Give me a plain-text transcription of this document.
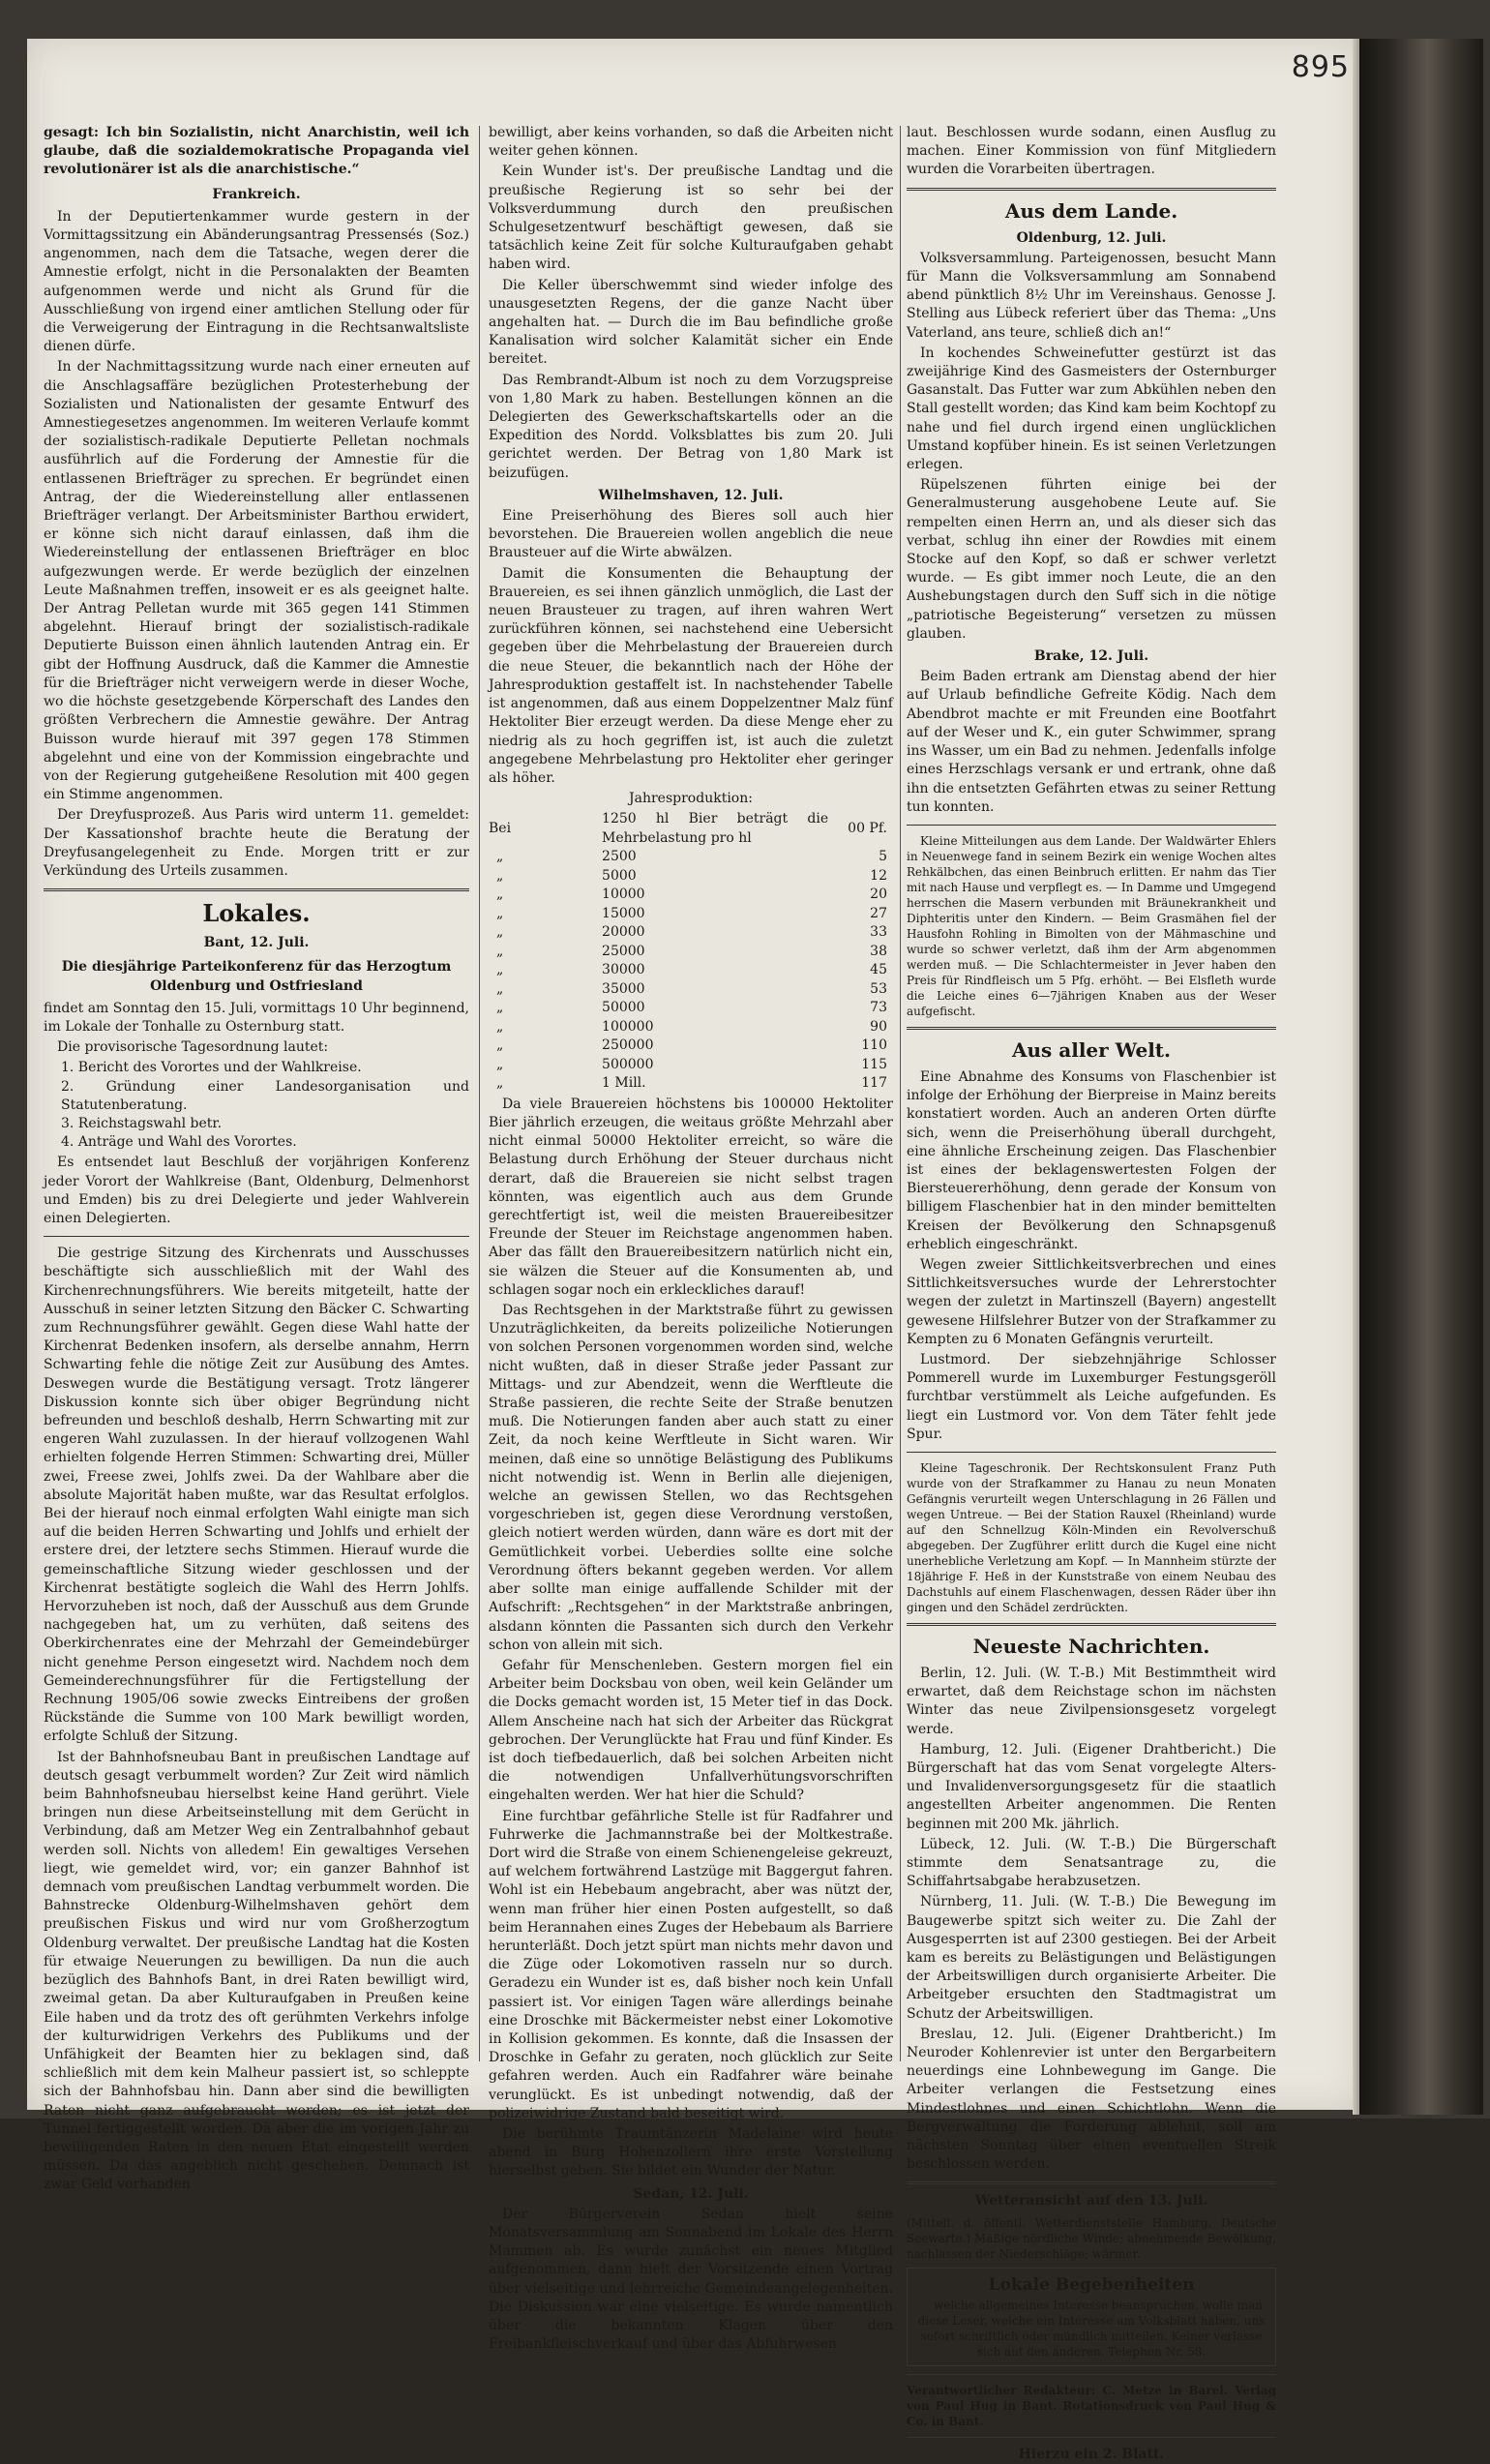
895

gesagt: Ich bin Sozialistin, nicht Anarchistin, weil ich glaube, daß die sozialdemokratische Propaganda viel revolutionärer ist als die anarchistische.“

Frankreich.

In der Deputiertenkammer wurde gestern in der Vormittagssitzung ein Abänderungsantrag Pressensés (Soz.) angenommen, nach dem die Tatsache, wegen derer die Amnestie erfolgt, nicht in die Personalakten der Beamten aufgenommen werde und nicht als Grund für die Ausschließung von irgend einer amtlichen Stellung oder für die Verweigerung der Eintragung in die Rechtsanwaltsliste dienen dürfe.

In der Nachmittagssitzung wurde nach einer erneuten auf die Anschlagsaffäre bezüglichen Protesterhebung der Sozialisten und Nationalisten der gesamte Entwurf des Amnestiegesetzes angenommen. Im weiteren Verlaufe kommt der sozialistisch-radikale Deputierte Pelletan nochmals ausführlich auf die Forderung der Amnestie für die entlassenen Briefträger zu sprechen. Er begründet einen Antrag, der die Wiedereinstellung aller entlassenen Briefträger verlangt. Der Arbeitsminister Barthou erwidert, er könne sich nicht darauf einlassen, daß ihm die Wiedereinstellung der entlassenen Briefträger en bloc aufgezwungen werde. Er werde bezüglich der einzelnen Leute Maßnahmen treffen, insoweit er es als geeignet halte. Der Antrag Pelletan wurde mit 365 gegen 141 Stimmen abgelehnt. Hierauf bringt der sozialistisch-radikale Deputierte Buisson einen ähnlich lautenden Antrag ein. Er gibt der Hoffnung Ausdruck, daß die Kammer die Amnestie für die Briefträger nicht verweigern werde in dieser Woche, wo die höchste gesetzgebende Körperschaft des Landes den größten Verbrechern die Amnestie gewähre. Der Antrag Buisson wurde hierauf mit 397 gegen 178 Stimmen abgelehnt und eine von der Kommission eingebrachte und von der Regierung gutgeheißene Resolution mit 400 gegen ein Stimme angenommen.

Der Dreyfusprozeß. Aus Paris wird unterm 11. gemeldet: Der Kassationshof brachte heute die Beratung der Dreyfusangelegenheit zu Ende. Morgen tritt er zur Verkündung des Urteils zusammen.

Lokales.
Bant, 12. Juli.
Die diesjährige Parteikonferenz für das Herzogtum Oldenburg und Ostfriesland

findet am Sonntag den 15. Juli, vormittags 10 Uhr beginnend, im Lokale der Tonhalle zu Osternburg statt.

Die provisorische Tagesordnung lautet:

1. Bericht des Vorortes und der Wahlkreise.
2. Gründung einer Landesorganisation und Statutenberatung.
3. Reichstagswahl betr.
4. Anträge und Wahl des Vorortes.

Es entsendet laut Beschluß der vorjährigen Konferenz jeder Vorort der Wahlkreise (Bant, Oldenburg, Delmenhorst und Emden) bis zu drei Delegierte und jeder Wahlverein einen Delegierten.

Die gestrige Sitzung des Kirchenrats und Ausschusses beschäftigte sich ausschließlich mit der Wahl des Kirchenrechnungsführers. Wie bereits mitgeteilt, hatte der Ausschuß in seiner letzten Sitzung den Bäcker C. Schwarting zum Rechnungsführer gewählt. Gegen diese Wahl hatte der Kirchenrat Bedenken insofern, als derselbe annahm, Herrn Schwarting fehle die nötige Zeit zur Ausübung des Amtes. Deswegen wurde die Bestätigung versagt. Trotz längerer Diskussion konnte sich über obiger Begründung nicht befreunden und beschloß deshalb, Herrn Schwarting mit zur engeren Wahl zuzulassen. In der hierauf vollzogenen Wahl erhielten folgende Herren Stimmen: Schwarting drei, Müller zwei, Freese zwei, Johlfs zwei. Da der Wahlbare aber die absolute Majorität haben mußte, war das Resultat erfolglos. Bei der hierauf noch einmal erfolgten Wahl einigte man sich auf die beiden Herren Schwarting und Johlfs und erhielt der erstere drei, der letztere sechs Stimmen. Hierauf wurde die gemeinschaftliche Sitzung wieder geschlossen und der Kirchenrat bestätigte sogleich die Wahl des Herrn Johlfs. Hervorzuheben ist noch, daß der Ausschuß aus dem Grunde nachgegeben hat, um zu verhüten, daß seitens des Oberkirchenrates eine der Mehrzahl der Gemeindebürger nicht genehme Person eingesetzt wird. Nachdem noch dem Gemeinderechnungsführer für die Fertigstellung der Rechnung 1905/06 sowie zwecks Eintreibens der großen Rückstände die Summe von 100 Mark bewilligt worden, erfolgte Schluß der Sitzung.

Ist der Bahnhofsneubau Bant in preußischen Landtage auf deutsch gesagt verbummelt worden? Zur Zeit wird nämlich beim Bahnhofsneubau hierselbst keine Hand gerührt. Viele bringen nun diese Arbeitseinstellung mit dem Gerücht in Verbindung, daß am Metzer Weg ein Zentralbahnhof gebaut werden soll. Nichts von alledem! Ein gewaltiges Versehen liegt, wie gemeldet wird, vor; ein ganzer Bahnhof ist demnach vom preußischen Landtag verbummelt worden. Die Bahnstrecke Oldenburg-Wilhelmshaven gehört dem preußischen Fiskus und wird nur vom Großherzogtum Oldenburg verwaltet. Der preußische Landtag hat die Kosten für etwaige Neuerungen zu bewilligen. Da nun die auch bezüglich des Bahnhofs Bant, in drei Raten bewilligt wird, zweimal getan. Da aber Kulturaufgaben in Preußen keine Eile haben und da trotz des oft gerühmten Verkehrs infolge der kulturwidrigen Verkehrs des Publikums und der Unfähigkeit der Beamten hier zu beklagen sind, daß schließlich mit dem kein Malheur passiert ist, so schleppte sich der Bahnhofsbau hin. Dann aber sind die bewilligten Raten nicht ganz aufgebraucht worden; es ist jetzt der Tunnel fertiggestellt worden. Da aber die im vorigen Jahr zu bewilligenden Raten in den neuen Etat eingestellt werden müssen. Da das angeblich nicht geschehen. Demnach ist zwar Geld vorhanden

bewilligt, aber keins vorhanden, so daß die Arbeiten nicht weiter gehen können.

Kein Wunder ist's. Der preußische Landtag und die preußische Regierung ist so sehr bei der Volksverdummung durch den preußischen Schulgesetzentwurf beschäftigt gewesen, daß sie tatsächlich keine Zeit für solche Kulturaufgaben gehabt haben wird.

Die Keller überschwemmt sind wieder infolge des unausgesetzten Regens, der die ganze Nacht über angehalten hat. — Durch die im Bau befindliche große Kanalisation wird solcher Kalamität sicher ein Ende bereitet.

Das Rembrandt-Album ist noch zu dem Vorzugspreise von 1,80 Mark zu haben. Bestellungen können an die Delegierten des Gewerkschaftskartells oder an die Expedition des Nordd. Volksblattes bis zum 20. Juli gerichtet werden. Der Betrag von 1,80 Mark ist beizufügen.

Wilhelmshaven, 12. Juli.

Eine Preiserhöhung des Bieres soll auch hier bevorstehen. Die Brauereien wollen angeblich die neue Brausteuer auf die Wirte abwälzen.

Damit die Konsumenten die Behauptung der Brauereien, es sei ihnen gänzlich unmöglich, die Last der neuen Brausteuer zu tragen, auf ihren wahren Wert zurückführen können, sei nachstehend eine Uebersicht gegeben über die Mehrbelastung der Brauereien durch die neue Steuer, die bekanntlich nach der Höhe der Jahresproduktion gestaffelt ist. In nachstehender Tabelle ist angenommen, daß aus einem Doppelzentner Malz fünf Hektoliter Bier erzeugt werden. Da diese Menge eher zu niedrig als zu hoch gegriffen ist, ist auch die zuletzt angegebene Mehrbelastung pro Hektoliter eher geringer als höher.

Jahresproduktion:
Bei	1250 hl Bier beträgt die Mehrbelastung pro hl	00 Pf.
„	2500	5
„	5000	12
„	10000	20
„	15000	27
„	20000	33
„	25000	38
„	30000	45
„	35000	53
„	50000	73
„	100000	90
„	250000	110
„	500000	115
„	1 Mill.	117

Da viele Brauereien höchstens bis 100000 Hektoliter Bier jährlich erzeugen, die weitaus größte Mehrzahl aber nicht einmal 50000 Hektoliter erreicht, so wäre die Belastung durch Erhöhung der Steuer durchaus nicht derart, daß die Brauereien sie nicht selbst tragen könnten, was eigentlich auch aus dem Grunde gerechtfertigt ist, weil die meisten Brauereibesitzer Freunde der Steuer im Reichstage angenommen haben. Aber das fällt den Brauereibesitzern natürlich nicht ein, sie wälzen die Steuer auf die Konsumenten ab, und schlagen sogar noch ein erkleckliches darauf!

Das Rechtsgehen in der Marktstraße führt zu gewissen Unzuträglichkeiten, da bereits polizeiliche Notierungen von solchen Personen vorgenommen worden sind, welche nicht wußten, daß in dieser Straße jeder Passant zur Mittags- und zur Abendzeit, wenn die Werftleute die Straße passieren, die rechte Seite der Straße benutzen muß. Die Notierungen fanden aber auch statt zu einer Zeit, da noch keine Werftleute in Sicht waren. Wir meinen, daß eine so unnötige Belästigung des Publikums nicht notwendig ist. Wenn in Berlin alle diejenigen, welche an gewissen Stellen, wo das Rechtsgehen vorgeschrieben ist, gegen diese Verordnung verstoßen, gleich notiert werden würden, dann wäre es dort mit der Gemütlichkeit vorbei. Ueberdies sollte eine solche Verordnung öfters bekannt gegeben werden. Vor allem aber sollte man einige auffallende Schilder mit der Aufschrift: „Rechtsgehen“ in der Marktstraße anbringen, alsdann könnten die Passanten sich durch den Verkehr schon von allein mit sich.

Gefahr für Menschenleben. Gestern morgen fiel ein Arbeiter beim Docksbau von oben, weil kein Geländer um die Docks gemacht worden ist, 15 Meter tief in das Dock. Allem Anscheine nach hat sich der Arbeiter das Rückgrat gebrochen. Der Verunglückte hat Frau und fünf Kinder. Es ist doch tiefbedauerlich, daß bei solchen Arbeiten nicht die notwendigen Unfallverhütungsvorschriften eingehalten werden. Wer hat hier die Schuld?

Eine furchtbar gefährliche Stelle ist für Radfahrer und Fuhrwerke die Jachmannstraße bei der Moltkestraße. Dort wird die Straße von einem Schienengeleise gekreuzt, auf welchem fortwährend Lastzüge mit Baggergut fahren. Wohl ist ein Hebebaum angebracht, aber was nützt der, wenn man früher hier einen Posten aufgestellt, so daß beim Herannahen eines Zuges der Hebebaum als Barriere herunterläßt. Doch jetzt spürt man nichts mehr davon und die Züge oder Lokomotiven rasseln nur so durch. Geradezu ein Wunder ist es, daß bisher noch kein Unfall passiert ist. Vor einigen Tagen wäre allerdings beinahe eine Droschke mit Bäckermeister nebst einer Lokomotive in Kollision gekommen. Es konnte, daß die Insassen der Droschke in Gefahr zu geraten, noch glücklich zur Seite gefahren werden. Auch ein Radfahrer wäre beinahe verunglückt. Es ist unbedingt notwendig, daß der polizeiwidrige Zustand bald beseitigt wird.

Die berühmte Traumtänzerin Madelaine wird heute abend in Burg Hohenzollern ihre erste Vorstellung hierselbst geben. Sie bildet ein Wunder der Natur.

Sedan, 12. Juli.

Der Bürgerverein Sedan hielt seine Monatsversammlung am Sonnabend im Lokale des Herrn Mammen ab. Es wurde zunächst ein neues Mitglied aufgenommen, dann hielt der Vorsitzende einen Vortrag über vielseitige und lehrreiche Gemeindeangelegenheiten. Die Diskussion war eine vielseitige. Es wurde namentlich über die bekannten Klagen über den Freibankfleischverkauf und über das Abfuhrwesen

laut. Beschlossen wurde sodann, einen Ausflug zu machen. Einer Kommission von fünf Mitgliedern wurden die Vorarbeiten übertragen.

Aus dem Lande.
Oldenburg, 12. Juli.

Volksversammlung. Parteigenossen, besucht Mann für Mann die Volksversammlung am Sonnabend abend pünktlich 8½ Uhr im Vereinshaus. Genosse J. Stelling aus Lübeck referiert über das Thema: „Uns Vaterland, ans teure, schließ dich an!“

In kochendes Schweinefutter gestürzt ist das zweijährige Kind des Gasmeisters der Osternburger Gasanstalt. Das Futter war zum Abkühlen neben den Stall gestellt worden; das Kind kam beim Kochtopf zu nahe und fiel durch irgend einen unglücklichen Umstand kopfüber hinein. Es ist seinen Verletzungen erlegen.

Rüpelszenen führten einige bei der Generalmusterung ausgehobene Leute auf. Sie rempelten einen Herrn an, und als dieser sich das verbat, schlug ihn einer der Rowdies mit einem Stocke auf den Kopf, so daß er schwer verletzt wurde. — Es gibt immer noch Leute, die an den Aushebungstagen durch den Suff sich in die nötige „patriotische Begeisterung“ versetzen zu müssen glauben.

Brake, 12. Juli.

Beim Baden ertrank am Dienstag abend der hier auf Urlaub befindliche Gefreite Ködig. Nach dem Abendbrot machte er mit Freunden eine Bootfahrt auf der Weser und K., ein guter Schwimmer, sprang ins Wasser, um ein Bad zu nehmen. Jedenfalls infolge eines Herzschlags versank er und ertrank, ohne daß ihn die entsetzten Gefährten etwas zu seiner Rettung tun konnten.

Kleine Mitteilungen aus dem Lande. Der Waldwärter Ehlers in Neuenwege fand in seinem Bezirk ein wenige Wochen altes Rehkälbchen, das einen Beinbruch erlitten. Er nahm das Tier mit nach Hause und verpflegt es. — In Damme und Umgegend herrschen die Masern verbunden mit Bräunekrankheit und Diphteritis unter den Kindern. — Beim Grasmähen fiel der Hausfohn Rohling in Bimolten von der Mähmaschine und wurde so schwer verletzt, daß ihm der Arm abgenommen werden muß. — Die Schlachtermeister in Jever haben den Preis für Rindfleisch um 5 Pfg. erhöht. — Bei Elsfleth wurde die Leiche eines 6—7jährigen Knaben aus der Weser aufgefischt.

Aus aller Welt.

Eine Abnahme des Konsums von Flaschenbier ist infolge der Erhöhung der Bierpreise in Mainz bereits konstatiert worden. Auch an anderen Orten dürfte sich, wenn die Preiserhöhung überall durchgeht, eine ähnliche Erscheinung zeigen. Das Flaschenbier ist eines der beklagenswertesten Folgen der Biersteuererhöhung, denn gerade der Konsum von billigem Flaschenbier hat in den minder bemittelten Kreisen der Bevölkerung den Schnapsgenuß erheblich eingeschränkt.

Wegen zweier Sittlichkeitsverbrechen und eines Sittlichkeitsversuches wurde der Lehrerstochter wegen der zuletzt in Martinszell (Bayern) angestellt gewesene Hilfslehrer Butzer von der Strafkammer zu Kempten zu 6 Monaten Gefängnis verurteilt.

Lustmord. Der siebzehnjährige Schlosser Pommerell wurde im Luxemburger Festungsgeröll furchtbar verstümmelt als Leiche aufgefunden. Es liegt ein Lustmord vor. Von dem Täter fehlt jede Spur.

Kleine Tageschronik. Der Rechtskonsulent Franz Puth wurde von der Strafkammer zu Hanau zu neun Monaten Gefängnis verurteilt wegen Unterschlagung in 26 Fällen und wegen Untreue. — Bei der Station Rauxel (Rheinland) wurde auf den Schnellzug Köln-Minden ein Revolverschuß abgegeben. Der Zugführer erlitt durch die Kugel eine nicht unerhebliche Verletzung am Kopf. — In Mannheim stürzte der 18jährige F. Heß in der Kunststraße von einem Neubau des Dachstuhls auf einem Flaschenwagen, dessen Räder über ihn gingen und den Schädel zerdrückten.

Neueste Nachrichten.

Berlin, 12. Juli. (W. T.-B.) Mit Bestimmtheit wird erwartet, daß dem Reichstage schon im nächsten Winter das neue Zivilpensionsgesetz vorgelegt werde.

Hamburg, 12. Juli. (Eigener Drahtbericht.) Die Bürgerschaft hat das vom Senat vorgelegte Alters- und Invalidenversorgungsgesetz für die staatlich angestellten Arbeiter angenommen. Die Renten beginnen mit 200 Mk. jährlich.

Lübeck, 12. Juli. (W. T.-B.) Die Bürgerschaft stimmte dem Senatsantrage zu, die Schiffahrtsabgabe herabzusetzen.

Nürnberg, 11. Juli. (W. T.-B.) Die Bewegung im Baugewerbe spitzt sich weiter zu. Die Zahl der Ausgesperrten ist auf 2300 gestiegen. Bei der Arbeit kam es bereits zu Belästigungen und Belästigungen der Arbeitswilligen durch organisierte Arbeiter. Die Arbeitgeber ersuchten den Stadtmagistrat um Schutz der Arbeitswilligen.

Breslau, 12. Juli. (Eigener Drahtbericht.) Im Neuroder Kohlenrevier ist unter den Bergarbeitern neuerdings eine Lohnbewegung im Gange. Die Arbeiter verlangen die Festsetzung eines Mindestlohnes und einen Schichtlohn. Wenn die Bergverwaltung die Forderung ablehnt, soll am nächsten Sonntag über einen eventuellen Streik beschlossen werden.

Wetteransicht auf den 13. Juli.

(Mittell. d. öffentl. Wetterdienststelle Hamburg, Deutsche Seewarte.) Mäßige nördliche Winde; abnehmende Bewölkung, nachlassen der Niederschläge; wärmer.

Lokale Begebenheiten

welche allgemeines Interesse beanspruchen, wolle man diese Leser, welche ein Interesse am Volksblatt haben, uns sofort schriftlich oder mündlich mitteilen. Keiner verlasse sich auf den anderen. Telephon Nr. 58.

Verantwortlicher Redakteur: C. Metze in Barel. Verlag von Paul Hug in Bant. Rotationsdruck von Paul Hug & Co. in Bant.

Hierzu ein 2. Blatt.
